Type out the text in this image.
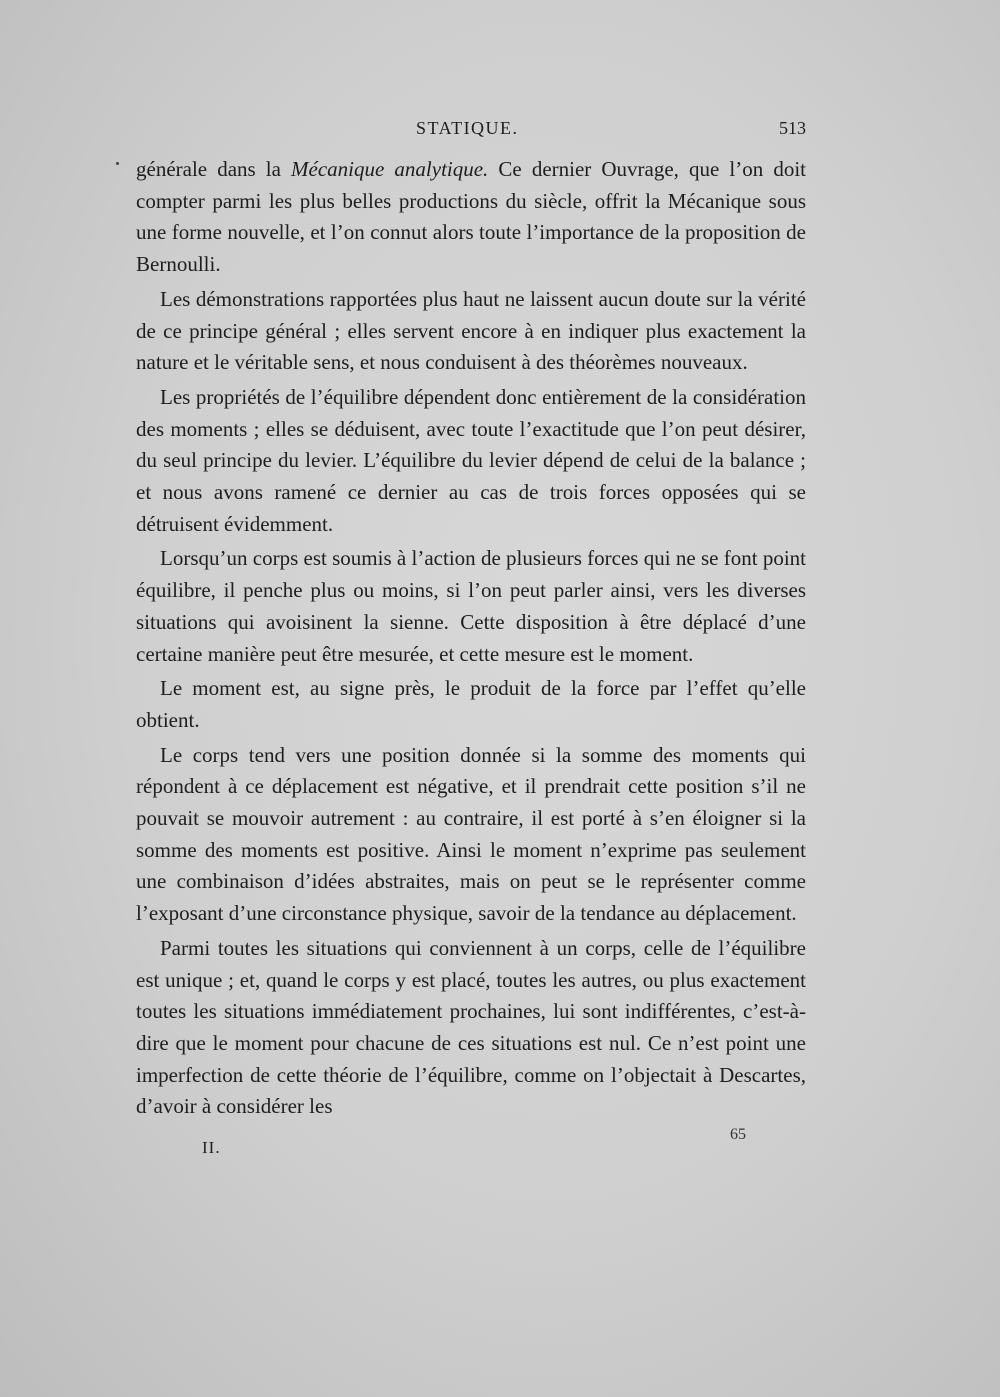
STATIQUE.	513

générale dans la Mécanique analytique. Ce dernier Ouvrage, que l’on doit compter parmi les plus belles productions du siècle, offrit la Mécanique sous une forme nouvelle, et l’on connut alors toute l’importance de la proposition de Bernoulli.

Les démonstrations rapportées plus haut ne laissent aucun doute sur la vérité de ce principe général ; elles servent encore à en indiquer plus exactement la nature et le véritable sens, et nous conduisent à des théorèmes nouveaux.

Les propriétés de l’équilibre dépendent donc entièrement de la considération des moments ; elles se déduisent, avec toute l’exactitude que l’on peut désirer, du seul principe du levier. L’équilibre du levier dépend de celui de la balance ; et nous avons ramené ce dernier au cas de trois forces opposées qui se détruisent évidemment.

Lorsqu’un corps est soumis à l’action de plusieurs forces qui ne se font point équilibre, il penche plus ou moins, si l’on peut parler ainsi, vers les diverses situations qui avoisinent la sienne. Cette disposition à être déplacé d’une certaine manière peut être mesurée, et cette mesure est le moment.

Le moment est, au signe près, le produit de la force par l’effet qu’elle obtient.

Le corps tend vers une position donnée si la somme des moments qui répondent à ce déplacement est négative, et il prendrait cette position s’il ne pouvait se mouvoir autrement : au contraire, il est porté à s’en éloigner si la somme des moments est positive. Ainsi le moment n’exprime pas seulement une combinaison d’idées abstraites, mais on peut se le représenter comme l’exposant d’une circonstance physique, savoir de la tendance au déplacement.

Parmi toutes les situations qui conviennent à un corps, celle de l’équilibre est unique ; et, quand le corps y est placé, toutes les autres, ou plus exactement toutes les situations immédiatement prochaines, lui sont indifférentes, c’est-à-dire que le moment pour chacune de ces situations est nul. Ce n’est point une imperfection de cette théorie de l’équilibre, comme on l’objectait à Descartes, d’avoir à considérer les

II.
65
